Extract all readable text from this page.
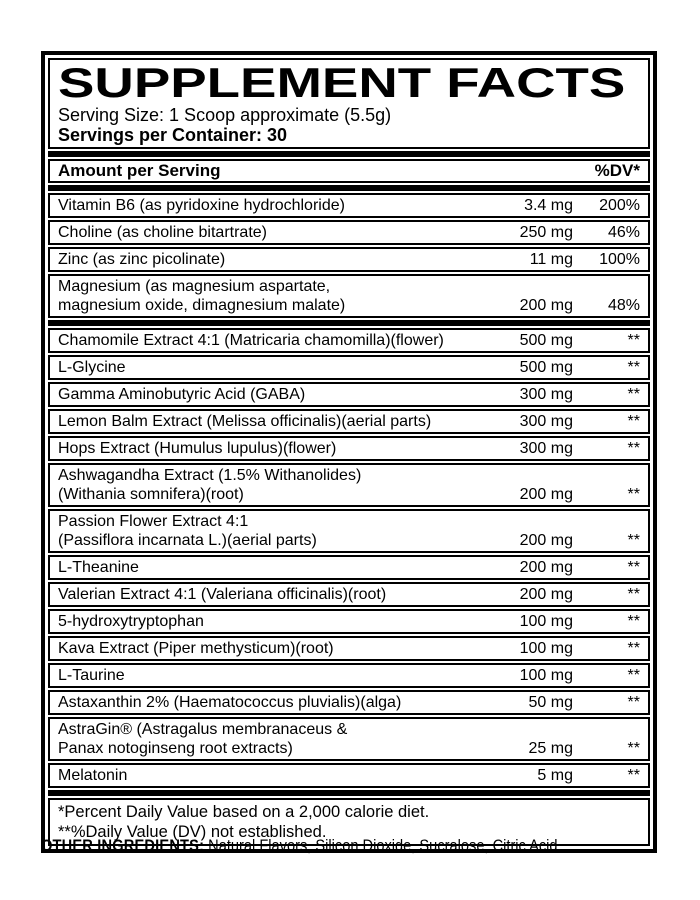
SUPPLEMENT FACTS
Serving Size: 1 Scoop approximate (5.5g)
Servings per Container: 30
Amount per Serving	%DV*
Vitamin B6 (as pyridoxine hydrochloride)	3.4 mg	200%
Choline (as choline bitartrate)	250 mg	46%
Zinc (as zinc picolinate)	11 mg	100%
Magnesium (as magnesium aspartate,
magnesium oxide, dimagnesium malate)	200 mg	48%
Chamomile Extract 4:1 (Matricaria chamomilla)(flower)	500 mg	**
L-Glycine	500 mg	**
Gamma Aminobutyric Acid (GABA)	300 mg	**
Lemon Balm Extract (Melissa officinalis)(aerial parts)	300 mg	**
Hops Extract (Humulus lupulus)(flower)	300 mg	**
Ashwagandha Extract (1.5% Withanolides)
(Withania somnifera)(root)	200 mg	**
Passion Flower Extract 4:1
(Passiflora incarnata L.)(aerial parts)	200 mg	**
L-Theanine	200 mg	**
Valerian Extract 4:1 (Valeriana officinalis)(root)	200 mg	**
5-hydroxytryptophan	100 mg	**
Kava Extract (Piper methysticum)(root)	100 mg	**
L-Taurine	100 mg	**
Astaxanthin 2% (Haematococcus pluvialis)(alga)	50 mg	**
AstraGin® (Astragalus membranaceus &
Panax notoginseng root extracts)	25 mg	**
Melatonin	5 mg	**
*Percent Daily Value based on a 2,000 calorie diet.
**%Daily Value (DV) not established.
OTHER INGREDIENTS: Natural Flavors, Silicon Dioxide, Sucralose, Citric Acid
